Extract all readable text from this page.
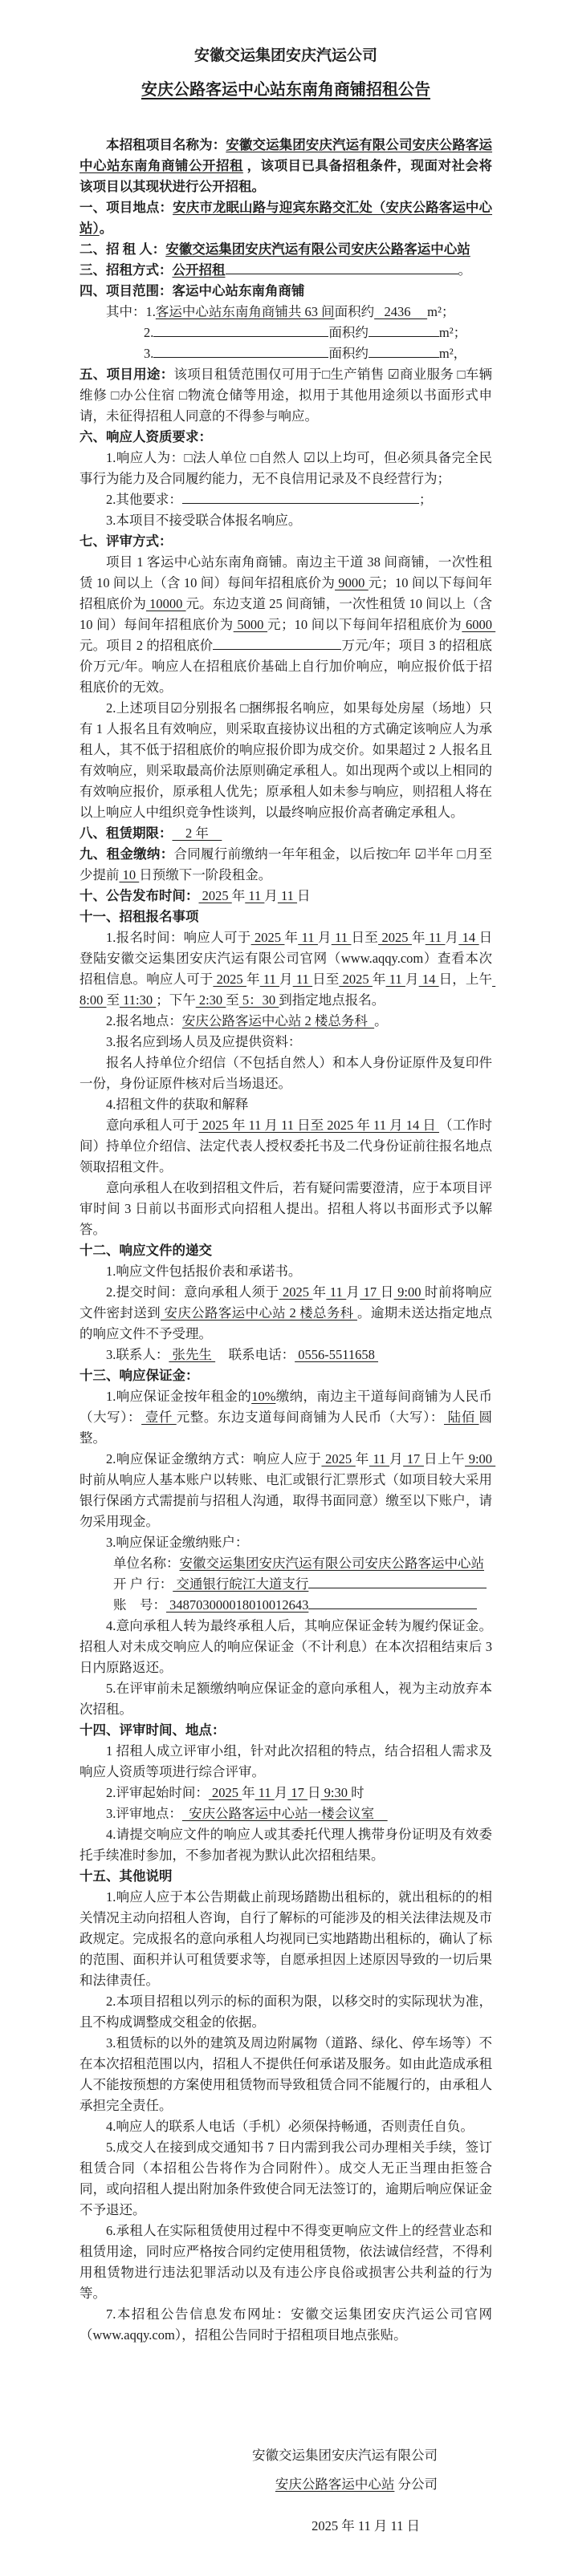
安徽交运集团安庆汽运公司
安庆公路客运中心站东南角商铺招租公告

本招租项目名称为：安徽交运集团安庆汽运有限公司安庆公路客运中心站东南角商铺公开招租 ，该项目已具备招租条件，现面对社会将该项目以其现状进行公开招租。

一、项目地点：安庆市龙眠山路与迎宾东路交汇处（安庆公路客运中心站）。

二、招 租 人：安徽交运集团安庆汽运有限公司安庆公路客运中心站

三、招租方式：公开招租	。

四、项目范围：客运中心站东南角商铺

其中：1.客运中心站东南角商铺共 63 间面积约   2436     m²；

2.	面积约	m²；

3.	面积约	m²，

五、项目用途：该项目租赁范围仅可用于□生产销售 ☑商业服务 □车辆维修 □办公住宿 □物流仓储等用途，拟用于其他用途须以书面形式申请，未征得招租人同意的不得参与响应。

六、响应人资质要求：

1.响应人为：□法人单位 □自然人 ☑以上均可，但必须具备完全民事行为能力及合同履约能力，无不良信用记录及不良经营行为；

2.其他要求：	；

3.本项目不接受联合体报名响应。

七、评审方式：

项目 1 客运中心站东南角商铺。南边主干道 38 间商铺，一次性租赁 10 间以上（含 10 间）每间年招租底价为 9000 元；10 间以下每间年招租底价为 10000 元。东边支道 25 间商铺，一次性租赁 10 间以上（含 10 间）每间年招租底价为 5000 元；10 间以下每间年招租底价为 6000 元。项目 2 的招租底价	万元/年；项目 3 的招租底价万元/年。响应人在招租底价基础上自行加价响应，响应报价低于招租底价的无效。

2.上述项目☑分别报名 □捆绑报名响应，如果每处房屋（场地）只有 1 人报名且有效响应，则采取直接协议出租的方式确定该响应人为承租人，其不低于招租底价的响应报价即为成交价。如果超过 2 人报名且有效响应，则采取最高价法原则确定承租人。如出现两个或以上相同的有效响应报价，原承租人优先；原承租人如未参与响应，则招租人将在以上响应人中组织竞争性谈判，以最终响应报价高者确定承租人。

八、租赁期限：    2 年

九、租金缴纳：合同履行前缴纳一年年租金，以后按□年 ☑半年 □月至少提前 10 日预缴下一阶段租金。

十、公告发布时间： 2025 年 11 月 11 日

十一、招租报名事项

1.报名时间：响应人可于 2025 年 11 月 11 日至 2025 年 11 月 14 日登陆安徽交运集团安庆汽运有限公司官网（www.aqqy.com）查看本次招租信息。响应人可于 2025 年 11 月 11 日至 2025 年 11 月 14 日，上午 8:00 至 11:30 ；下午 2:30 至 5：30 到指定地点报名。

2.报名地点：安庆公路客运中心站 2 楼总务科  。

3.报名应到场人员及应提供资料：

报名人持单位介绍信（不包括自然人）和本人身份证原件及复印件一份，身份证原件核对后当场退还。

4.招租文件的获取和解释

意向承租人可于 2025 年 11 月 11 日至 2025 年 11 月 14 日 （工作时间）持单位介绍信、法定代表人授权委托书及二代身份证前往报名地点领取招租文件。

意向承租人在收到招租文件后，若有疑问需要澄清，应于本项目评审时间 3 日前以书面形式向招租人提出。招租人将以书面形式予以解答。

十二、响应文件的递交

1.响应文件包括报价表和承诺书。

2.提交时间：意向承租人须于 2025 年 11 月 17 日 9:00 时前将响应文件密封送到 安庆公路客运中心站 2 楼总务科 。逾期未送达指定地点的响应文件不予受理。

3.联系人： 张先生     联系电话： 0556-5511658

十三、响应保证金：

1.响应保证金按年租金的10%缴纳，南边主干道每间商铺为人民币（大写）： 壹仟 元整。东边支道每间商铺为人民币（大写）： 陆佰 圆整。

2.响应保证金缴纳方式：响应人应于 2025 年 11 月 17 日上午 9:00 时前从响应人基本账户以转账、电汇或银行汇票形式（如项目较大采用银行保函方式需提前与招租人沟通，取得书面同意）缴至以下账户，请勿采用现金。

3.响应保证金缴纳账户：

单位名称：安徽交运集团安庆汽运有限公司安庆公路客运中心站

开 户 行： 交通银行皖江大道支行

账    号： 348703000018010012643

4.意向承租人转为最终承租人后，其响应保证金转为履约保证金。招租人对未成交响应人的响应保证金（不计利息）在本次招租结束后 3 日内原路返还。

5.在评审前未足额缴纳响应保证金的意向承租人，视为主动放弃本次招租。

十四、评审时间、地点：

1 招租人成立评审小组，针对此次招租的特点，结合招租人需求及响应人资质等项进行综合评审。

2.评审起始时间： 2025 年 11 月 17 日 9:30 时

3.评审地点：  安庆公路客运中心站一楼会议室

4.请提交响应文件的响应人或其委托代理人携带身份证明及有效委托手续准时参加，不参加者视为默认此次招租结果。

十五、其他说明

1.响应人应于本公告期截止前现场踏勘出租标的，就出租标的的相关情况主动向招租人咨询，自行了解标的可能涉及的相关法律法规及市政规定。完成报名的意向承租人均视同已实地踏勘出租标的，确认了标的范围、面积并认可租赁要求等，自愿承担因上述原因导致的一切后果和法律责任。

2.本项目招租以列示的标的面积为限，以移交时的实际现状为准，且不构成调整成交租金的依据。

3.租赁标的以外的建筑及周边附属物（道路、绿化、停车场等）不在本次招租范围以内，招租人不提供任何承诺及服务。如由此造成承租人不能按预想的方案使用租赁物而导致租赁合同不能履行的，由承租人承担完全责任。

4.响应人的联系人电话（手机）必须保持畅通，否则责任自负。

5.成交人在接到成交通知书 7 日内需到我公司办理相关手续，签订租赁合同（本招租公告将作为合同附件）。成交人无正当理由拒签合同，或向招租人提出附加条件致使合同无法签订的，逾期后响应保证金不予退还。

6.承租人在实际租赁使用过程中不得变更响应文件上的经营业态和租赁用途，同时应严格按合同约定使用租赁物，依法诚信经营，不得利用租赁物进行违法犯罪活动以及有违公序良俗或损害公共利益的行为等。

7.本招租公告信息发布网址：安徽交运集团安庆汽运公司官网（www.aqqy.com），招租公告同时于招租项目地点张贴。

安徽交运集团安庆汽运有限公司

安庆公路客运中心站 分公司

2025 年 11 月 11 日
